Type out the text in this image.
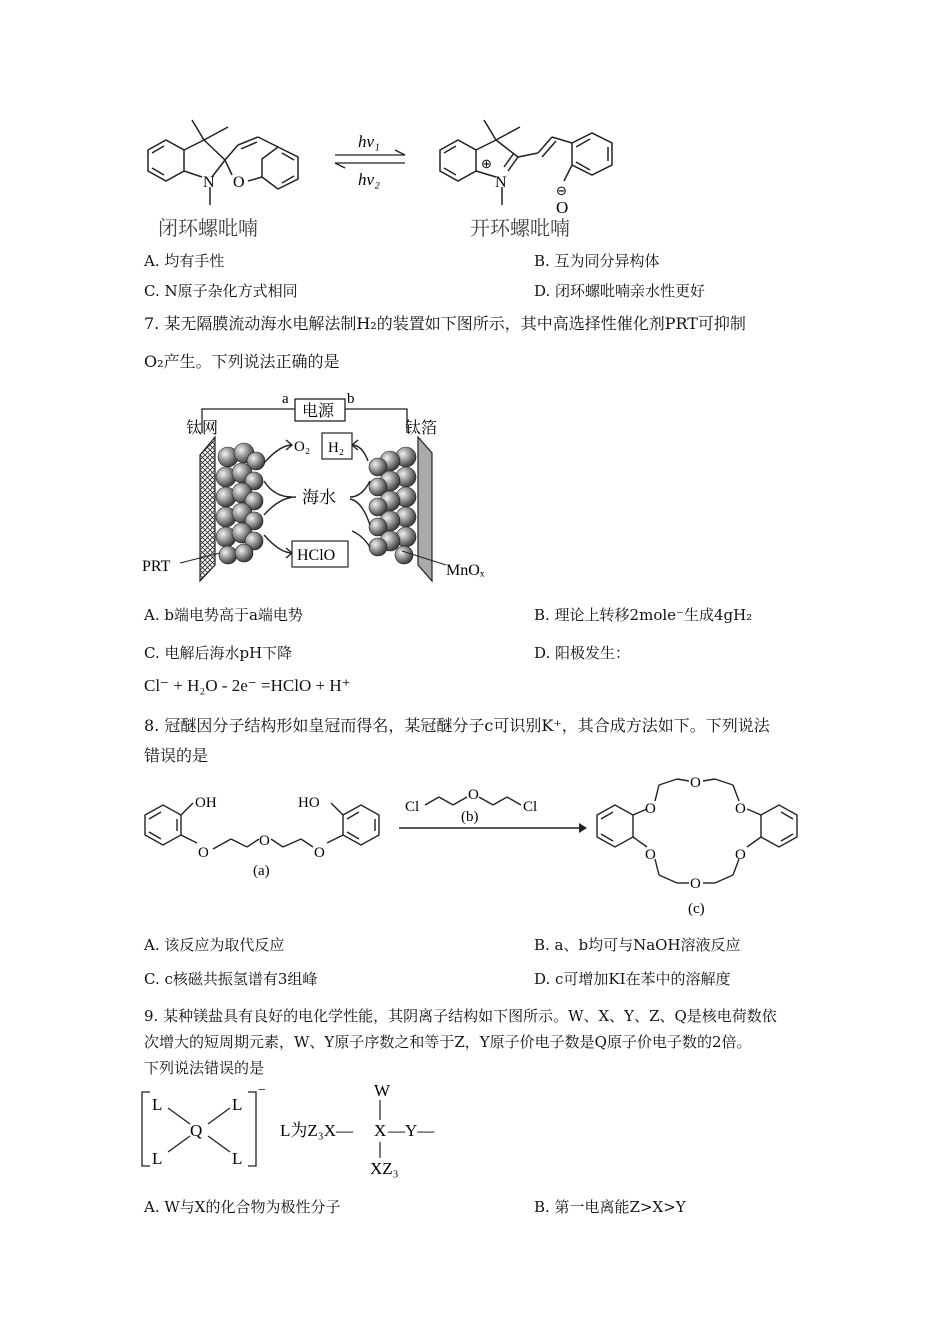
N O
闭环螺吡喃
hν₁
hν₂
⊕
N	⊖
O
开环螺吡喃
A. 均有手性	B. 互为同分异构体
C. N原子杂化方式相同	D. 闭环螺吡喃亲水性更好
7. 某无隔膜流动海水电解法制H₂的装置如下图所示，其中高选择性催化剂PRT可抑制
O₂产生。下列说法正确的是
电源
a	b
钛网	钛箔
O₂ H₂
海水
HClO
PRT	MnOₓ
A. b端电势高于a端电势	B. 理论上转移2mole⁻生成4gH₂
C. 电解后海水pH下降	D. 阳极发生：
Cl⁻ + H₂O - 2e⁻ =HClO + H⁺
8. 冠醚因分子结构形如皇冠而得名，某冠醚分子c可识别K⁺，其合成方法如下。下列说法
错误的是
OH	HO
O
O
O
(a)
Cl
O
Cl
(b)	O
O
O
O
O
O
(c)
A. 该反应为取代反应	B. a、b均可与NaOH溶液反应
C. c核磁共振氢谱有3组峰	D. c可增加KI在苯中的溶解度
9. 某种镁盐具有良好的电化学性能，其阴离子结构如下图所示。W、X、Y、Z、Q是核电荷数依
次增大的短周期元素，W、Y原子序数之和等于Z，Y原子价电子数是Q原子价电子数的2倍。
下列说法错误的是
L	L
Q
L	L
−
L为Z₃X— X —Y—
W
XZ₃
A. W与X的化合物为极性分子	B. 第一电离能Z>X>Y
